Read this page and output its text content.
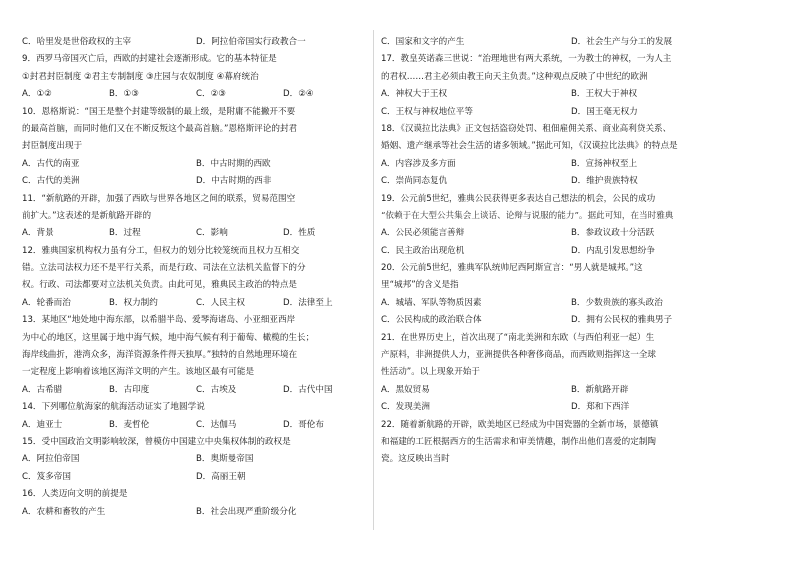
C．哈里发是世俗政权的主宰	D．阿拉伯帝国实行政教合一
9．西罗马帝国灭亡后，西欧的封建社会逐渐形成。它的基本特征是
①封君封臣制度 ②君主专制制度 ③庄园与农奴制度 ④幕府统治
A．①②	B．①③	C．②③	D．②④
10．恩格斯说：“国王是整个封建等级制的最上级，是附庸不能撇开不要
的最高首脑，而同时他们又在不断反叛这个最高首脑。”恩格斯评论的封君
封臣制度出现于
A．古代的南亚	B．中古时期的西欧
C．古代的美洲	D．中古时期的西非
11．“新航路的开辟，加强了西欧与世界各地区之间的联系，贸易范围空
前扩大。”这表述的是新航路开辟的
A．背景	B．过程	C．影响	D．性质
12．雅典国家机构权力虽有分工，但权力的划分比较笼统而且权力互相交
错。立法司法权力还不是平行关系，而是行政、司法在立法机关监督下的分
权。行政、司法都要对立法机关负责。由此可见，雅典民主政治的特点是
A．轮番而治	B．权力制约	C．人民主权	D．法律至上
13．某地区“地处地中海东部，以希腊半岛、爱琴海诸岛、小亚细亚西岸
为中心的地区，这里属于地中海气候，地中海气候有利于葡萄、橄榄的生长；
海岸线曲折，港湾众多，海洋资源条件得天独厚。”独特的自然地理环境在
一定程度上影响着该地区海洋文明的产生。该地区最有可能是
A．古希腊	B．古印度	C．古埃及	D．古代中国
14．下列哪位航海家的航海活动证实了地圆学说
A．迪亚士	B．麦哲伦	C．达伽马	D．哥伦布
15．受中国政治文明影响较深，曾模仿中国建立中央集权体制的政权是
A．阿拉伯帝国	B．奥斯曼帝国
C．笈多帝国	D．高丽王朝
16．人类迈向文明的前提是
A．农耕和畜牧的产生	B．社会出现严重阶级分化
C．国家和文字的产生	D．社会生产与分工的发展
17．教皇英诺森三世说：“治理地世有两大系统，一为教士的神权，一为人主
的君权……君主必须由教王向天主负责。”这种观点反映了中世纪的欧洲
A．神权大于王权	B．王权大于神权
C．王权与神权地位平等	D．国王毫无权力
18．《汉谟拉比法典》正文包括盗窃处罚、租佃雇佣关系、商业高利贷关系、
婚姻、遗产继承等社会生活的诸多领域。”据此可知，《汉谟拉比法典》的特点是
A．内容涉及多方面	B．宣扬神权至上
C．崇尚同态复仇	D．维护贵族特权
19．公元前5世纪，雅典公民获得更多表达自己想法的机会，公民的成功
“依赖于在大型公共集会上谈话、论辩与说服的能力”。据此可知，在当时雅典
A．公民必须能言善辩	B．参政议政十分活跃
C．民主政治出现危机	D．内乱引发思想纷争
20．公元前5世纪，雅典军队统帅尼西阿斯宣言：“男人就是城邦。”这
里“城邦”的含义是指
A．城墙、军队等物质因素	B．少数贵族的寡头政治
C．公民构成的政治联合体	D．拥有公民权的雅典男子
21．在世界历史上，首次出现了“南北美洲和东欧（与西伯利亚一起）生
产原料，非洲提供人力，亚洲提供各种奢侈商品，而西欧则指挥这一全球
性活动”。以上现象开始于
A．黑奴贸易	B．新航路开辟
C．发现美洲	D．郑和下西洋
22．随着新航路的开辟，欧美地区已经成为中国瓷器的全新市场，景德镇
和福建的工匠根据西方的生活需求和审美情趣，制作出他们喜爱的定制陶
瓷。这反映出当时
